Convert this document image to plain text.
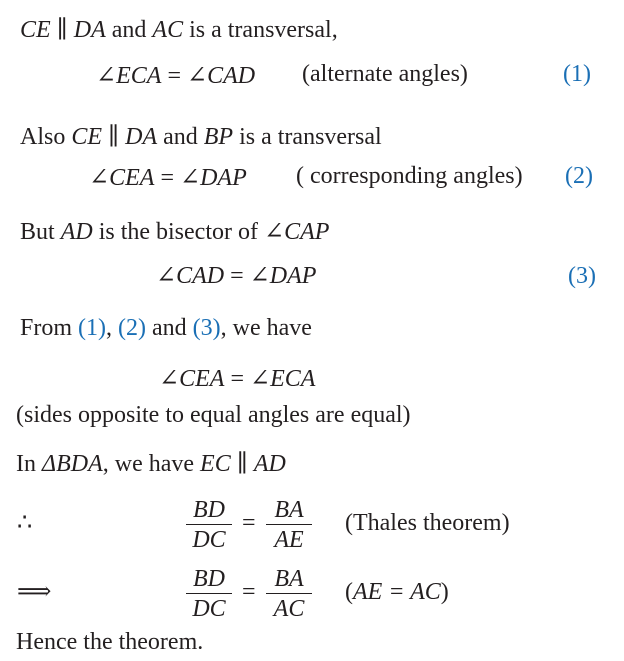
CE ∥ DA and AC is a transversal,
∠ECA = ∠CAD (alternate angles)	(1)
Also CE ∥ DA and BP is a transversal
∠CEA = ∠DAP ( corresponding angles) (2)
But AD is the bisector of ∠CAP
∠CAD = ∠DAP	(3)
From (1), (2) and (3), we have
∠CEA = ∠ECA
(sides opposite to equal angles are equal)
In ΔBDA, we have EC ∥ AD
∴	BD
DC
= BA
AE
(Thales theorem)
⟹	BD
DC
= BA
AC
(AE = AC)
Hence the theorem.
